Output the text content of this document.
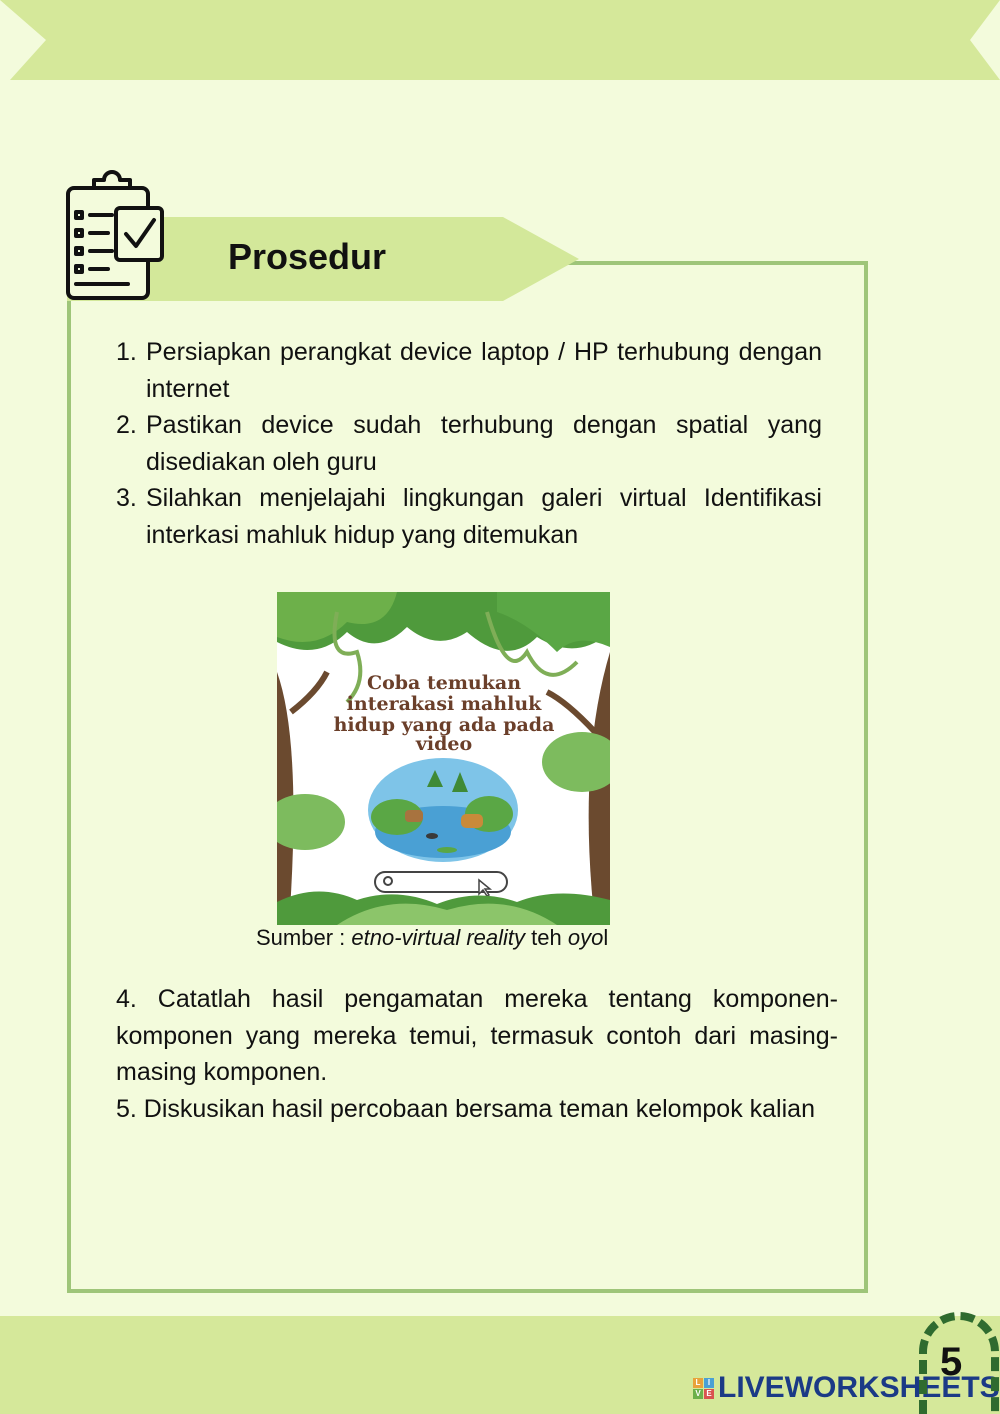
Prosedur
1. Persiapkan perangkat device laptop / HP terhubung dengan internet
2. Pastikan device sudah terhubung dengan spatial yang disediakan oleh guru
3. Silahkan menjelajahi lingkungan galeri virtual Identifikasi interkasi mahluk hidup yang ditemukan
Coba temukan
interakasi mahluk
hidup yang ada pada
video
Sumber : etno-virtual reality teh oyol

4. Catatlah hasil pengamatan mereka tentang komponen-komponen yang mereka temui, termasuk contoh dari masing-masing komponen.

5. Diskusikan hasil percobaan bersama teman kelompok kalian

L I
V E LIVEWORKSHEETS
5
